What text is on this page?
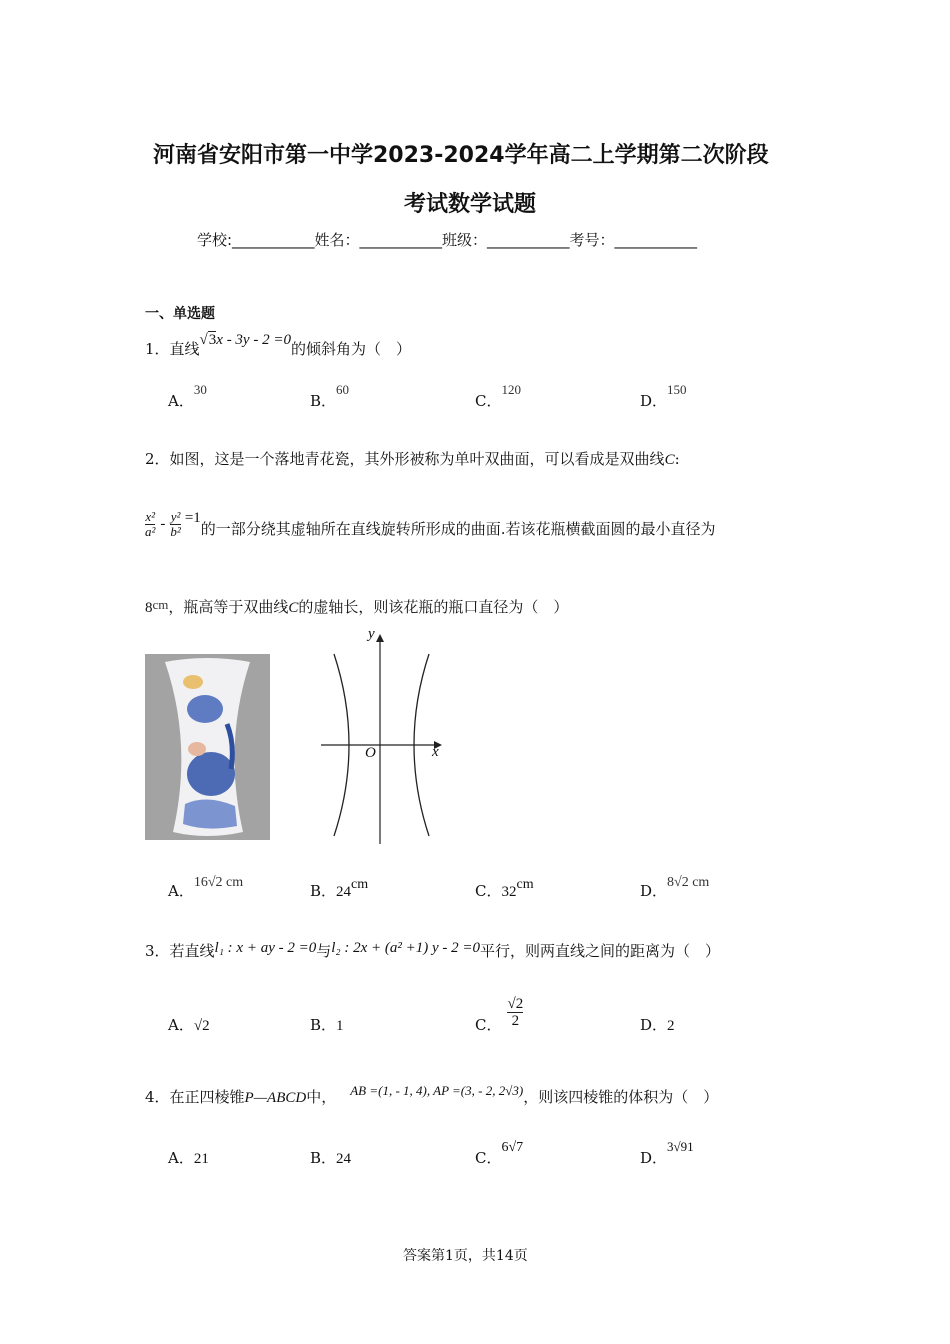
河南省安阳市第一中学2023-2024学年高二上学期第二次阶段
考试数学试题
学校:___________姓名：___________班级：___________考号：___________
一、单选题
1．直线√3x - 3y - 2 =0的倾斜角为（　）
A．30
B．60
C．120
D．150
2．如图，这是一个落地青花瓷，其外形被称为单叶双曲面，可以看成是双曲线C:
$\frac{\text{x²}}{\text{a²}} - \frac{\text{y²}}{\text{b²}} =1$
的一部分绕其虚轴所在直线旋转所形成的曲面.若该花瓶横截面圆的最小直径为
8cm，瓶高等于双曲线C的虚轴长，则该花瓶的瓶口直径为（　）
y
x
O
A．16√2 cm	B．24cm	C．32cm	D．8√2 cm
3．若直线l₁ : x + ay - 2 =0与l₂ : 2x + (a² +1) y - 2 =0平行，则两直线之间的距离为（　）
A．√2	B．1	C． $\frac{√2}{2}$	D．2
4．在正四棱锥P—ABCD中， AB =(1, - 1, 4), AP =(3, - 2, 2√3)，则该四棱锥的体积为（　）
A．21	B．24	C．6√7
D．3√91
答案第1页，共14页
